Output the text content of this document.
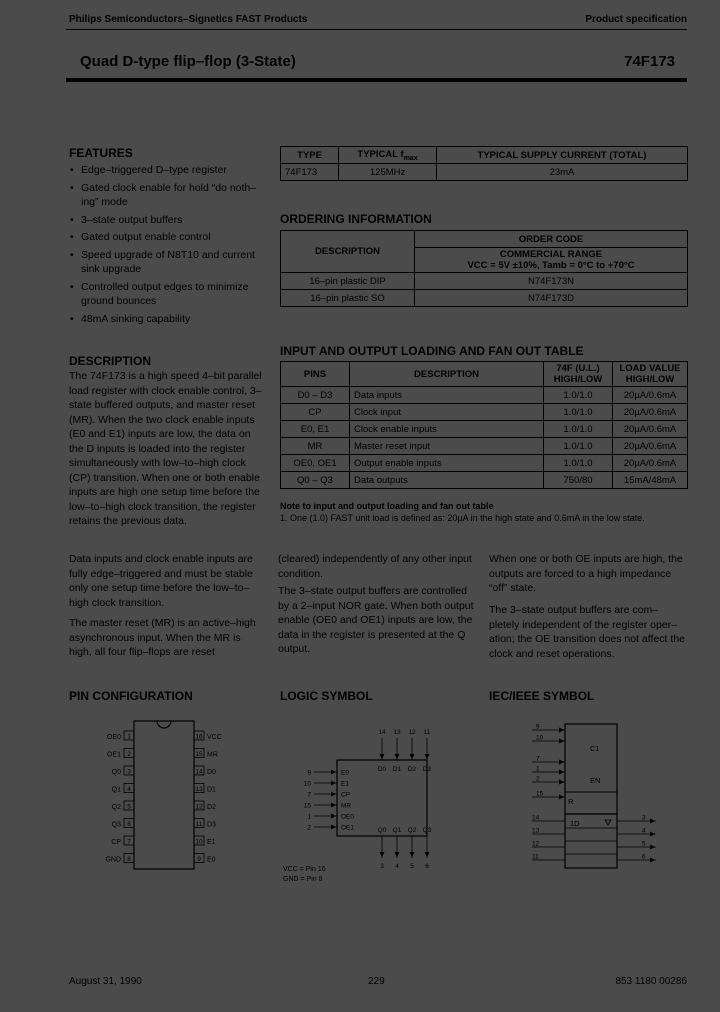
Philips Semiconductors–Signetics FAST Products	Product specification
Quad D-type flip–flop (3-State)	74F173
FEATURES
• Edge–triggered D–type register
• Gated clock enable for hold “do noth– ing” mode
• 3–state output buffers
• Gated output enable control
• Speed upgrade of N8T10 and current sink upgrade
• Controlled output edges to minimize ground bounces
• 48mA sinking capability
DESCRIPTION
The 74F173 is a high speed 4–bit parallel load register with clock enable control, 3–state buffered outputs, and master reset (MR). When the two clock enable inputs (E0 and E1) inputs are low, the data on the D inputs is loaded into the register simultaneously with low–to–high clock (CP) transition. When one or both enable inputs are high one setup time before the low–to–high clock transition, the register retains the previous data.
Data inputs and clock enable inputs are fully edge–triggered and must be stable only one setup time before the low–to–high clock transition.
The master reset (MR) is an active–high asynchronous input. When the MR is high, all four flip–flops are reset
(cleared) independently of any other input condition.
The 3–state output buffers are controlled by a 2–input NOR gate. When both output enable (OE0 and OE1) inputs are low, the data in the register is presented at the Q output.
When one or both OE inputs are high, the outputs are forced to a high impedance “off” state.
The 3–state output buffers are com– pletely independent of the register oper– ation; the OE transition does not affect the clock and reset operations.
TYPE	TYPICAL $f_{max}$	TYPICAL SUPPLY CURRENT (TOTAL)
74F173	125MHz	23mA
ORDERING INFORMATION
DESCRIPTION	ORDER CODE

	COMMERCIAL RANGE
VCC = 5V ±10%, Tamb = 0°C to +70°C

16–pin plastic DIP	N74F173N
16–pin plastic SO	N74F173D
INPUT AND OUTPUT LOADING AND FAN OUT TABLE
PINS	DESCRIPTION	74F (U.L.) HIGH/LOW	LOAD VALUE HIGH/LOW
D0 – D3	Data inputs	1.0/1.0	20µA/0.6mA
CP	Clock input	1.0/1.0	20µA/0.6mA
E0, E1	Clock enable inputs	1.0/1.0	20µA/0.6mA
MR	Master reset input	1.0/1.0	20µA/0.6mA
OE0, OE1	Output enable inputs	1.0/1.0	20µA/0.6mA
Q0 – Q3	Data outputs	750/80	15mA/48mA
Note to input and output loading and fan out table
1. One (1.0) FAST unit load is defined as: 20µA in the high state and 0.6mA in the low state.
PIN CONFIGURATION	LOGIC SYMBOL	IEC/IEEE SYMBOL
OE0 1
OE1 2
Q0 3
Q1 4
Q2 5
Q3 6
CP 7
GND 8
16 VCC
15 MR
14 D0
13 D1
12 D2
11 D3
10 E1
9 E0
14
D0
13
D1
12
D2
11
D3
9	E0
10	E1
7	CP
15	MR
1	OE0
2	OE1	Q0
3
Q1
4
Q2
5
Q3
6
VCC = Pin 16
GND = Pin 8
C1
EN
R
9
10
7
1
2
15
1D
14	3
13	4
12	5
11	6
August 31, 1990	229	853 1180 00286
